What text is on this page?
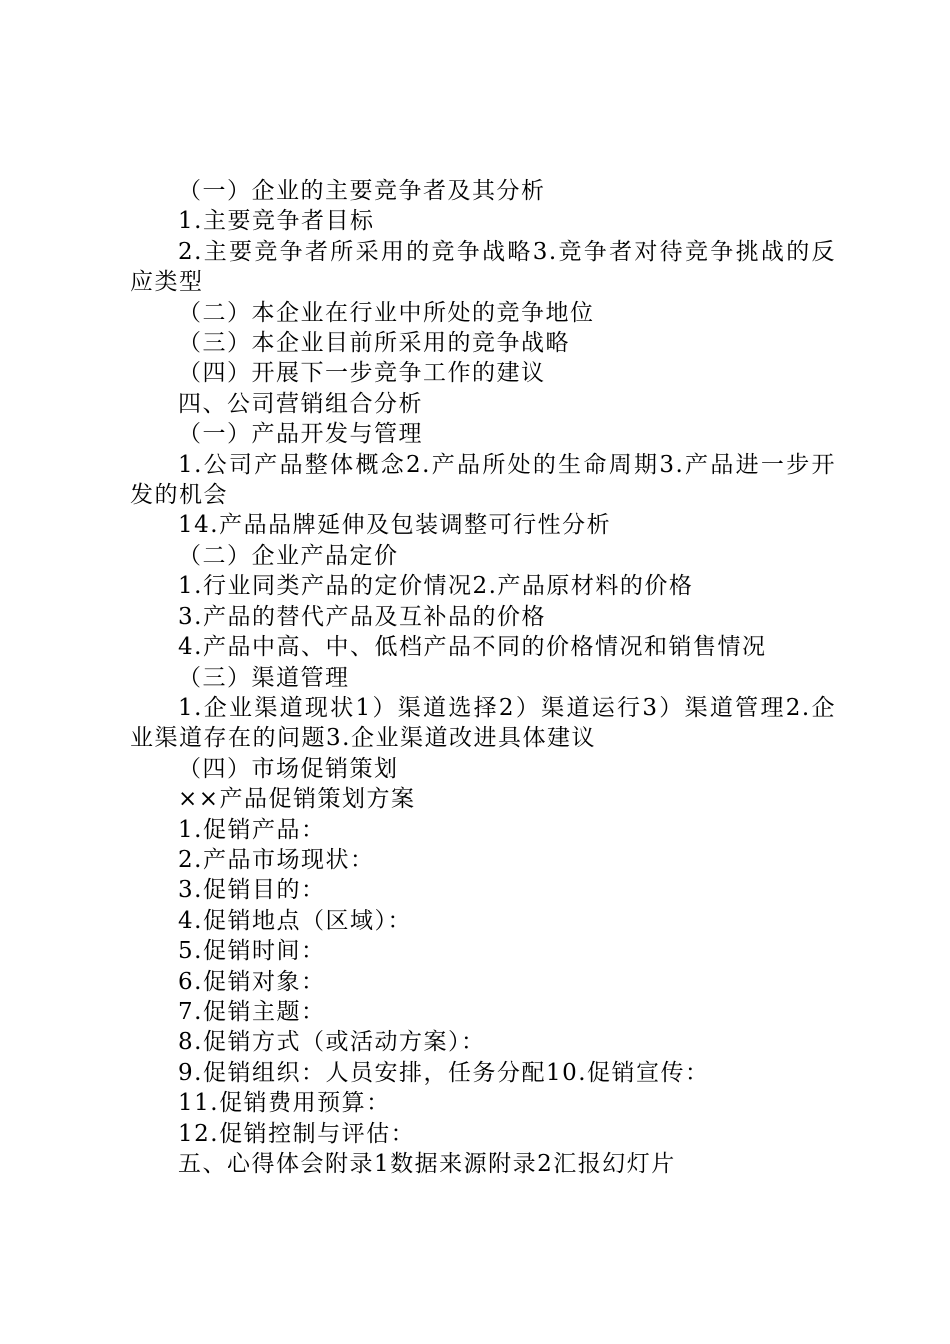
（一）企业的主要竞争者及其分析

1.主要竞争者目标

2.主要竞争者所采用的竞争战略3.竞争者对待竞争挑战的反应类型

（二）本企业在行业中所处的竞争地位

（三）本企业目前所采用的竞争战略

（四）开展下一步竞争工作的建议

四、公司营销组合分析

（一）产品开发与管理

1.公司产品整体概念2.产品所处的生命周期3.产品进一步开发的机会

14.产品品牌延伸及包装调整可行性分析

（二）企业产品定价

1.行业同类产品的定价情况2.产品原材料的价格

3.产品的替代产品及互补品的价格

4.产品中高、中、低档产品不同的价格情况和销售情况

（三）渠道管理

1.企业渠道现状1）渠道选择2）渠道运行3）渠道管理2.企业渠道存在的问题3.企业渠道改进具体建议

（四）市场促销策划

××产品促销策划方案

1.促销产品：

2.产品市场现状：

3.促销目的：

4.促销地点（区域）：

5.促销时间：

6.促销对象：

7.促销主题：

8.促销方式（或活动方案）：

9.促销组织：人员安排，任务分配10.促销宣传：

11.促销费用预算：

12.促销控制与评估：

五、心得体会附录1数据来源附录2汇报幻灯片
